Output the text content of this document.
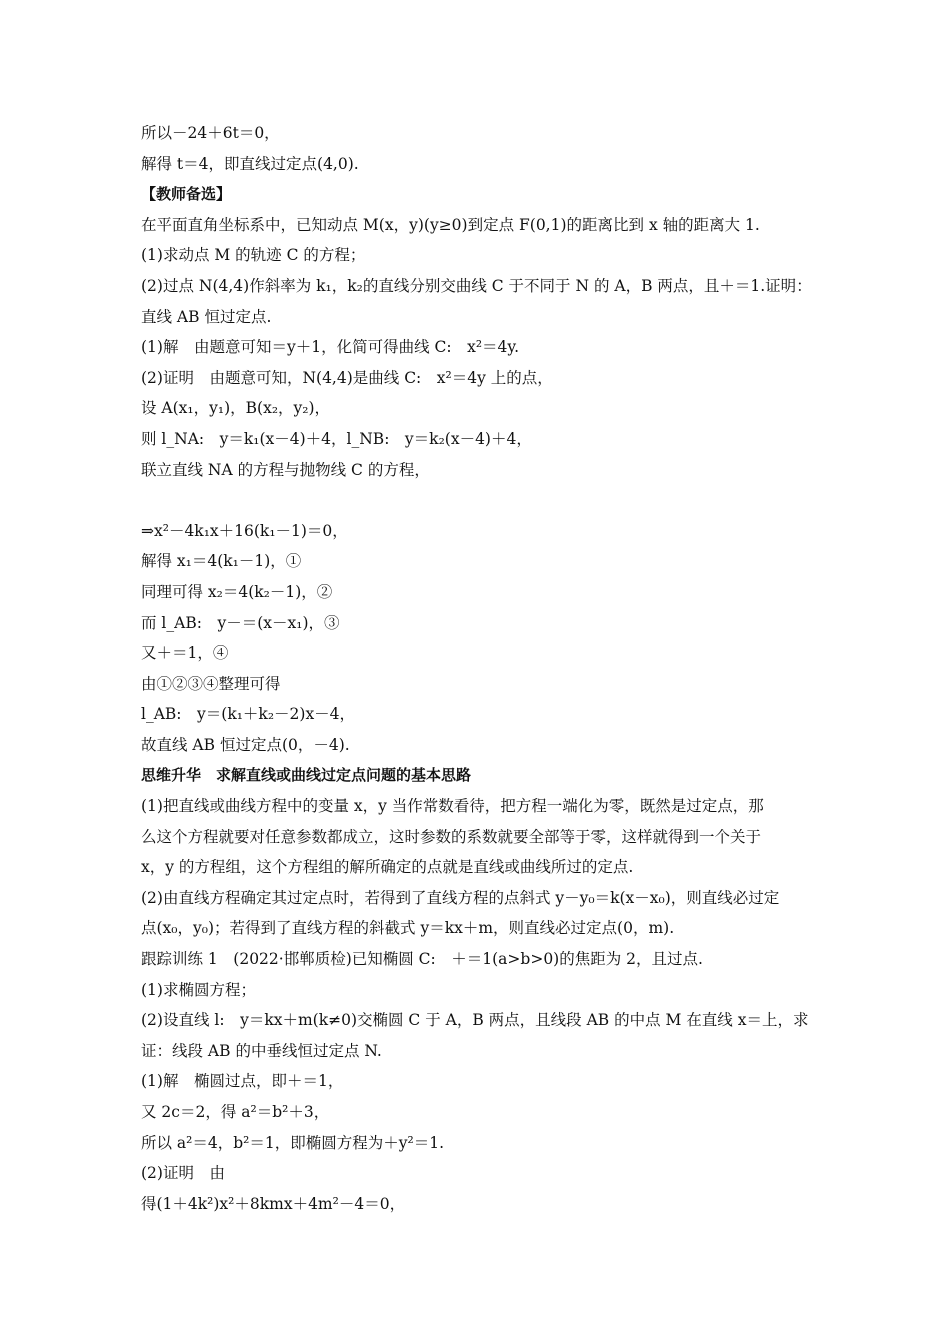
所以－24＋6t＝0，
解得 t＝4，即直线过定点(4,0).
【教师备选】
在平面直角坐标系中，已知动点 M(x，y)(y≥0)到定点 F(0,1)的距离比到 x 轴的距离大 1.
(1)求动点 M 的轨迹 C 的方程；
(2)过点 N(4,4)作斜率为 k₁，k₂的直线分别交曲线 C 于不同于 N 的 A，B 两点，且＋＝1.证明：
直线 AB 恒过定点.
(1)解　由题意可知＝y＋1，化简可得曲线 C:　x²＝4y.
(2)证明　由题意可知，N(4,4)是曲线 C:　x²＝4y 上的点，
设 A(x₁，y₁)，B(x₂，y₂)，
则 l_NA:　y＝k₁(x－4)＋4，l_NB:　y＝k₂(x－4)＋4，
联立直线 NA 的方程与抛物线 C 的方程，
⇒x²－4k₁x＋16(k₁－1)＝0，
解得 x₁＝4(k₁－1)，①
同理可得 x₂＝4(k₂－1)，②
而 l_AB:　y－＝(x－x₁)，③
又＋＝1，④
由①②③④整理可得
l_AB:　y＝(k₁＋k₂－2)x－4，
故直线 AB 恒过定点(0，－4).
思维升华　求解直线或曲线过定点问题的基本思路
(1)把直线或曲线方程中的变量 x，y 当作常数看待，把方程一端化为零，既然是过定点，那
么这个方程就要对任意参数都成立，这时参数的系数就要全部等于零，这样就得到一个关于
x，y 的方程组，这个方程组的解所确定的点就是直线或曲线所过的定点.
(2)由直线方程确定其过定点时，若得到了直线方程的点斜式 y－y₀＝k(x－x₀)，则直线必过定
点(x₀，y₀)；若得到了直线方程的斜截式 y＝kx＋m，则直线必过定点(0，m).
跟踪训练 1　(2022·邯郸质检)已知椭圆 C:　＋＝1(a>b>0)的焦距为 2，且过点.
(1)求椭圆方程；
(2)设直线 l:　y＝kx＋m(k≠0)交椭圆 C 于 A，B 两点，且线段 AB 的中点 M 在直线 x＝上，求
证：线段 AB 的中垂线恒过定点 N.
(1)解　椭圆过点，即＋＝1，
又 2c＝2，得 a²＝b²＋3，
所以 a²＝4，b²＝1，即椭圆方程为＋y²＝1.
(2)证明　由
得(1＋4k²)x²＋8kmx＋4m²－4＝0，
